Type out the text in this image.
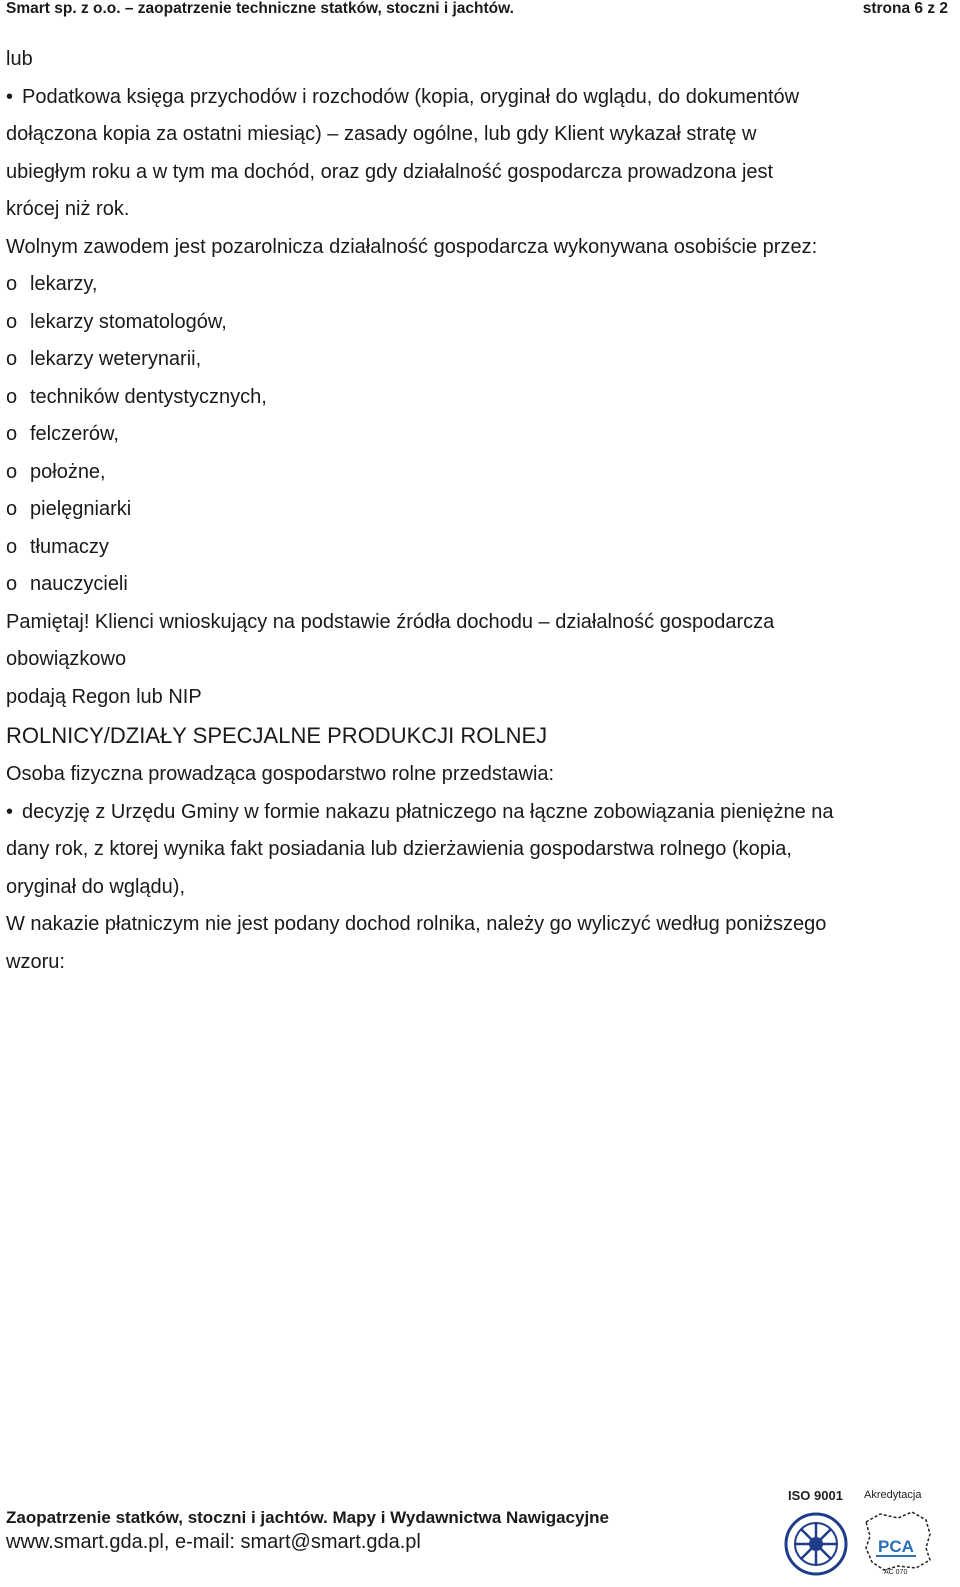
Smart sp. z o.o. – zaopatrzenie techniczne statków, stoczni i jachtów.	strona 6 z 2

lub

• Podatkowa księga przychodów i rozchodów (kopia, oryginał do wglądu, do dokumentów

dołączona kopia za ostatni miesiąc) – zasady ogólne, lub gdy Klient wykazał stratę w

ubiegłym roku a w tym ma dochód, oraz gdy działalność gospodarcza prowadzona jest

krócej niż rok.

Wolnym zawodem jest pozarolnicza działalność gospodarcza wykonywana osobiście przez:

o lekarzy,

o lekarzy stomatologów,

o lekarzy weterynarii,

o techników dentystycznych,

o felczerów,

o położne,

o pielęgniarki

o tłumaczy

o nauczycieli

Pamiętaj! Klienci wnioskujący na podstawie źródła dochodu – działalność gospodarcza

obowiązkowo

podają Regon lub NIP

ROLNICY/DZIAŁY SPECJALNE PRODUKCJI ROLNEJ

Osoba fizyczna prowadząca gospodarstwo rolne przedstawia:

• decyzję z Urzędu Gminy w formie nakazu płatniczego na łączne zobowiązania pieniężne na

dany rok, z ktorej wynika fakt posiadania lub dzierżawienia gospodarstwa rolnego (kopia,

oryginał do wglądu),

W nakazie płatniczym nie jest podany dochod rolnika, należy go wyliczyć według poniższego

wzoru:

Zaopatrzenie statków, stoczni i jachtów. Mapy i Wydawnictwa Nawigacyjne
www.smart.gda.pl, e-mail: smart@smart.gda.pl
ISO 9001 Akredytacja
PCA
AC 070
